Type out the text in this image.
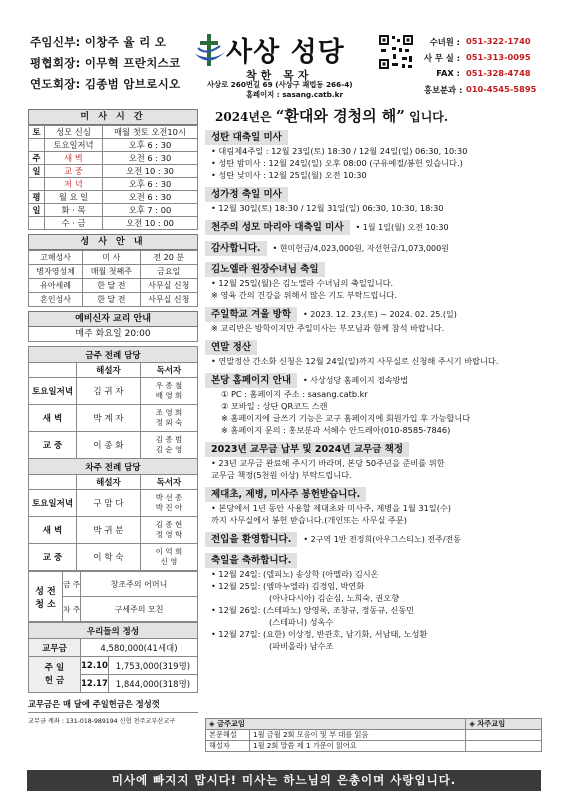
주임신부: 이창주 율 리 오
평협회장: 이무혁 프란치스코
연도회장: 김종범 암브로시오
사상 성당
착한 목자
사상로 260번길 69 (사상구 괘법동 266-4)
홈페이지 : sasang.catb.kr
수녀원 : 051-322-1740
사 무 실 : 051-313-0095
FAX : 051-328-4748
홍보분과 : 010-4545-5895
미 사 시 간
토	성모 신심	매월 첫토 오전10시
	토요일저녁	오후 6 : 30
주	새 벽	오전 6 : 30
일	교 중	오전 10 : 30
	저 녁	오후 6 : 30
평	월 요 일	오전 6 : 30
일	화 · 목	오후 7 : 00
	수 · 금	오전 10 : 00
성 사 안 내
고해성사	미 사	전 20 분
병자영성체	매월 첫째주	금요일
유아세례	한 달 전	사무실 신청
혼인성사	한 달 전	사무실 신청
예비신자 교리 안내
매주 화요일 20:00
금주 전례 담당		
	해설자	독서자
토요일저녁	김 귀 자	우 종 철
배 영 희

새 벽	박 계 자	조 영 희
정 외 숙

교 중	이 종 화	김 종 범
김 순 영

차주 전례 담당		
	해설자	독서자
토요일저녁	구 맘 다	박 선 종
박 진 아

새 벽	박 귀 분	김 종 현
정 영 학

교 중	이 학 숙	이 억 희
신 영
성 전
청 소	금 주	창조주의 어머니
	차 주	구세주의 모친
우리들의 정성		
교무금	4,580,000(41세대)	

주 일
헌 금	12.10	1,753,000(319명)
	12.17	1,844,000(318명)
교무금은 매 달에 주일헌금은 정성껏
교무금 계좌 : 131-018-989194 신협 천주교부산교구
2024년은 “환대와 경청의 해” 입니다.
성탄 대축일 미사
• 대림제4주일 : 12월 23일(토) 18:30 / 12월 24일(일) 06:30, 10:30
• 성탄 밤미사 : 12월 24일(일) 오후 08:00 (구유예절/봉헌 있습니다.)
• 성탄 낮미사 : 12월 25일(월) 오전 10:30
성가정 축일 미사
• 12월 30일(토) 18:30 / 12월 31일(일) 06:30, 10:30, 18:30
천주의 성모 마리아 대축일 미사	• 1월 1일(월) 오전 10:30
감사합니다.	• 현미헌금/4,023,000원, 자선헌금/1,073,000원
김노엘라 원장수녀님 축일
• 12월 25일(월)은 김노엘라 수녀님의 축일입니다.
※ 영육 간의 건강을 위해서 많은 기도 부탁드립니다.
주일학교 겨울 방학	• 2023. 12. 23.(토) ~ 2024. 02. 25.(일)
※ 교리반은 방학이지만 주일미사는 부모님과 함께 참석 바랍니다.
연말 정산
• 연말정산 간소화 신청은 12월 24일(일)까지 사무실로 신청해 주시기 바랍니다.
본당 홈페이지 안내	• 사상성당 홈페이지 접속방법
① PC : 홈페이지 주소 : sasang.catb.kr
② 모바일 : 상단 QR코드 스캔
※ 홈페이지에 글쓰기 기능은 교구 홈페이지에 회원가입 후 가능합니다
※ 홈페이지 문의 : 홍보분과 서혜수 안드레아(010-8585-7846)
2023년 교무금 납부 및 2024년 교무금 책정
• 23년 교무금 완료해 주시기 바라며, 본당 50주년을 준비를 위한
교무금 책정(5천원 이상) 부탁드립니다.
제대초, 제병, 미사주 봉헌받습니다.
• 본당에서 1년 동안 사용할 제대초와 미사주, 제병을 1월 31일(수)
까지 사무실에서 봉헌 받습니다.(개인또는 사무실 주문)
전입을 환영합니다.	• 2구역 1반 전정희(아우그스티노) 전주/전동
축일을 축하합니다.
• 12월 24일: (델피노) 송상학 (아멜라) 김시온
• 12월 25일: (엠마누엘라) 김경임, 박연화
(아나다시아) 김순심, 노희숙, 권오향
• 12월 26일: (스테파노) 양영록, 조창규, 정동규, 신동민
(스테파니) 성옥수
• 12월 27일: (요한) 이상정, 반관호, 남기화, 서남태, 노성환
(파비올라) 남수조
◈ 금주교임		◈ 차주교임
본문해설	1월 금월 2회 모음이 및 부 대를 읽음	
해설자	1월 2회 말씀 제 1 가문이 읽어요	
미사에 빠지지 맙시다! 미사는 하느님의 은총이며 사랑입니다.
